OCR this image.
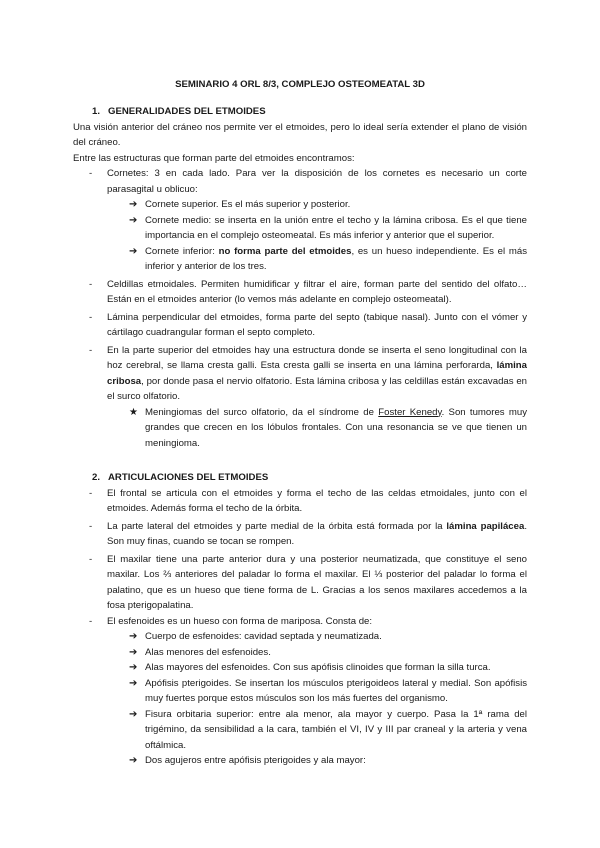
SEMINARIO 4 ORL 8/3, COMPLEJO OSTEOMEATAL 3D
1. GENERALIDADES DEL ETMOIDES

Una visión anterior del cráneo nos permite ver el etmoides, pero lo ideal sería extender el plano de visión del cráneo.

Entre las estructuras que forman parte del etmoides encontramos:

- Cornetes: 3 en cada lado. Para ver la disposición de los cornetes es necesario un corte parasagital u oblicuo:
➔ Cornete superior. Es el más superior y posterior.
➔ Cornete medio: se inserta en la unión entre el techo y la lámina cribosa. Es el que tiene importancia en el complejo osteomeatal. Es más inferior y anterior que el superior.
➔ Cornete inferior: no forma parte del etmoides, es un hueso independiente. Es el más inferior y anterior de los tres.
- Celdillas etmoidales. Permiten humidificar y filtrar el aire, forman parte del sentido del olfato… Están en el etmoides anterior (lo vemos más adelante en complejo osteomeatal).
- Lámina perpendicular del etmoides, forma parte del septo (tabique nasal). Junto con el vómer y cártilago cuadrangular forman el septo completo.
- En la parte superior del etmoides hay una estructura donde se inserta el seno longitudinal con la hoz cerebral, se llama cresta galli. Esta cresta galli se inserta en una lámina perforarda, lámina cribosa, por donde pasa el nervio olfatorio. Esta lámina cribosa y las celdillas están excavadas en el surco olfatorio.
★ Meningiomas del surco olfatorio, da el síndrome de Foster Kenedy. Son tumores muy grandes que crecen en los lóbulos frontales. Con una resonancia se ve que tienen un meningioma.
2. ARTICULACIONES DEL ETMOIDES
- El frontal se articula con el etmoides y forma el techo de las celdas etmoidales, junto con el etmoides. Además forma el techo de la órbita.
- La parte lateral del etmoides y parte medial de la órbita está formada por la lámina papilácea. Son muy finas, cuando se tocan se rompen.
- El maxilar tiene una parte anterior dura y una posterior neumatizada, que constituye el seno maxilar. Los ⅔ anteriores del paladar lo forma el maxilar. El ⅓ posterior del paladar lo forma el palatino, que es un hueso que tiene forma de L. Gracias a los senos maxilares accedemos a la fosa pterigopalatina.
- El esfenoides es un hueso con forma de mariposa. Consta de:
➔ Cuerpo de esfenoides: cavidad septada y neumatizada.
➔ Alas menores del esfenoides.
➔ Alas mayores del esfenoides. Con sus apófisis clinoides que forman la silla turca.
➔ Apófisis pterigoides. Se insertan los músculos pterigoideos lateral y medial. Son apófisis muy fuertes porque estos músculos son los más fuertes del organismo.
➔ Fisura orbitaria superior: entre ala menor, ala mayor y cuerpo. Pasa la 1ª rama del trigémino, da sensibilidad a la cara, también el VI, IV y III par craneal y la arteria y vena oftálmica.
➔ Dos agujeros entre apófisis pterigoides y ala mayor:
